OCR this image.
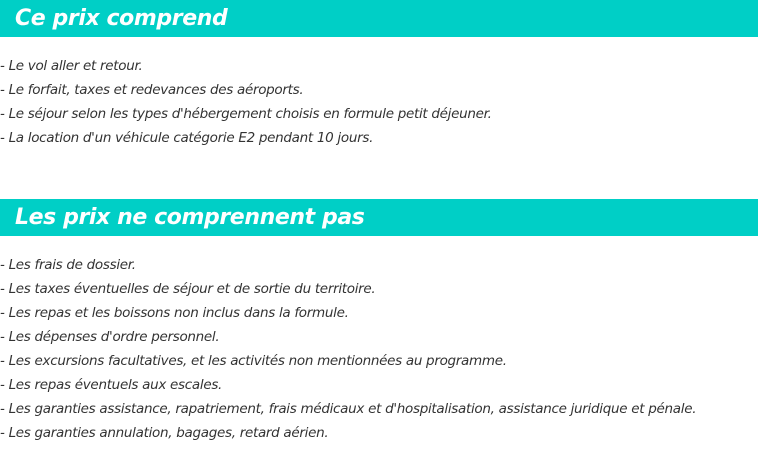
Ce prix comprend
- Le vol aller et retour.
- Le forfait, taxes et redevances des aéroports.
- Le séjour selon les types d'hébergement choisis en formule petit déjeuner.
- La location d'un véhicule catégorie E2 pendant 10 jours.
Les prix ne comprennent pas
- Les frais de dossier.
- Les taxes éventuelles de séjour et de sortie du territoire.
- Les repas et les boissons non inclus dans la formule.
- Les dépenses d'ordre personnel.
- Les excursions facultatives, et les activités non mentionnées au programme.
- Les repas éventuels aux escales.
- Les garanties assistance, rapatriement, frais médicaux et d'hospitalisation, assistance juridique et pénale.
- Les garanties annulation, bagages, retard aérien.
